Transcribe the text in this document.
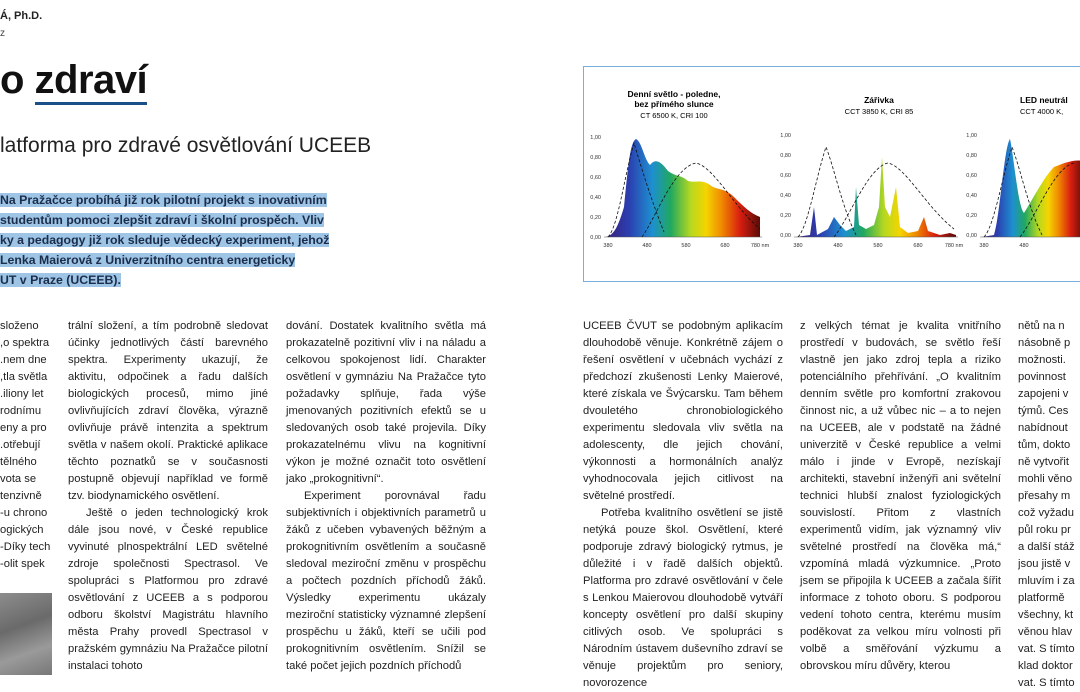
Á, Ph.D.
z
o zdraví
latforma pro zdravé osvětlování UCEEB

Na Pražačce probíhá již rok pilotní projekt s inovativním

studentům pomoci zlepšit zdraví i školní prospěch. Vliv

ky a pedagogy již rok sleduje vědecký experiment, jehož

Lenka Maierová z Univerzitního centra energeticky

UT v Praze (UCEEB).

složeno

o spektra,

nem dne.

tla světla,

iliony let.

rodnímu

eny a pro

otřebují.

tělného

vota se

tenzivně

u chrono-

ogických

Díky tech-

olit spek-

trální složení, a tím podrobně sledovat účinky jednotlivých částí barevného spektra. Experimenty ukazují, že aktivitu, odpočinek a řadu dalších biologických procesů, mimo jiné ovlivňujících zdraví člověka, výrazně ovlivňuje právě intenzita a spektrum světla v našem okolí. Praktické aplikace těchto poznatků se v současnosti postupně objevují například ve formě tzv. biodynamického osvětlení.

Ještě o jeden technologický krok dále jsou nové, v České republice vyvinuté plnospektrální LED světelné zdroje společnosti Spectrasol. Ve spolupráci s Platformou pro zdravé osvětlování z UCEEB a s podporou odboru školství Magistrátu hlavního města Prahy provedl Spectrasol v pražském gymnáziu Na Pražačce pilotní instalaci tohoto

dování. Dostatek kvalitního světla má prokazatelně pozitivní vliv i na náladu a celkovou spokojenost lidí. Charakter osvětlení v gymnáziu Na Pražačce tyto požadavky splňuje, řada výše jmenovaných pozitivních efektů se u sledovaných osob také projevila. Díky prokazatelnému vlivu na kognitivní výkon je možné označit toto osvětlení jako „prokognitivní“.

Experiment porovnával řadu subjektivních i objektivních parametrů u žáků z učeben vybavených běžným a prokognitivním osvětlením a současně sledoval meziroční změnu v prospěchu a počtech pozdních příchodů žáků. Výsledky experimentu ukázaly meziroční statisticky významné zlepšení prospěchu u žáků, kteří se učili pod prokognitivním osvětlením. Snížil se také počet jejich pozdních příchodů

UCEEB ČVUT se podobným aplikacím dlouhodobě věnuje. Konkrétně zájem o řešení osvětlení v učebnách vychází z předchozí zkušenosti Lenky Maierové, které získala ve Švýcarsku. Tam během dvouletého chronobiologického experimentu sledovala vliv světla na adolescenty, dle jejich chování, výkonnosti a hormonálních analýz vyhodnocovala jejich citlivost na světelné prostředí.

Potřeba kvalitního osvětlení se jistě netýká pouze škol. Osvětlení, které podporuje zdravý biologický rytmus, je důležité i v řadě dalších objektů. Platforma pro zdravé osvětlování v čele s Lenkou Maierovou dlouhodobě vytváří koncepty osvětlení pro další skupiny citlivých osob. Ve spolupráci s Národním ústavem duševního zdraví se věnuje projektům pro seniory, novorozence

z velkých témat je kvalita vnitřního prostředí v budovách, se světlo řeší vlastně jen jako zdroj tepla a riziko potenciálního přehřívání. „O kvalitním denním světle pro komfortní zrakovou činnost nic, a už vůbec nic – a to nejen na UCEEB, ale v podstatě na žádné univerzitě v České republice a velmi málo i jinde v Evropě, nezískají architekti, stavební inženýři ani světelní technici hlubší znalost fyziologických souvislostí. Přitom z vlastních experimentů vidím, jak významný vliv světelné prostředí na člověka má,“ vzpomíná mladá výzkumnice. „Proto jsem se připojila k UCEEB a začala šířit informace z tohoto oboru. S podporou vedení tohoto centra, kterému musím poděkovat za velkou míru volnosti při volbě a směřování výzkumu a obrovskou míru důvěry, kterou

nětů na n

násobně p

možnosti.

povinnost

zapojeni v

týmů. Ces

nabídnout

tům, dokto

ně vytvořit

mohli věno

přesahy m

což vyžadu

půl roku pr

a další stáž

jsou jistě v

mluvím i za

platformě

všechny, kt

věnou hlav

vat. S tímto

klad doktor

vat. S tímto

Denní světlo - poledne,
bez přímého slunce
CT 6500 K, CRI 100
1,00
0,80
0,60
0,40
0,20
0,00
380	480	580	680	780 nm
Zářivka
CCT 3850 K, CRI 85
1,00
0,80
0,60
0,40
0,20
0,00
380	480	580	680	780 nm
LED neutrál
CCT 4000 K,
1,00
0,80
0,60
0,40
0,20
0,00
380	480
